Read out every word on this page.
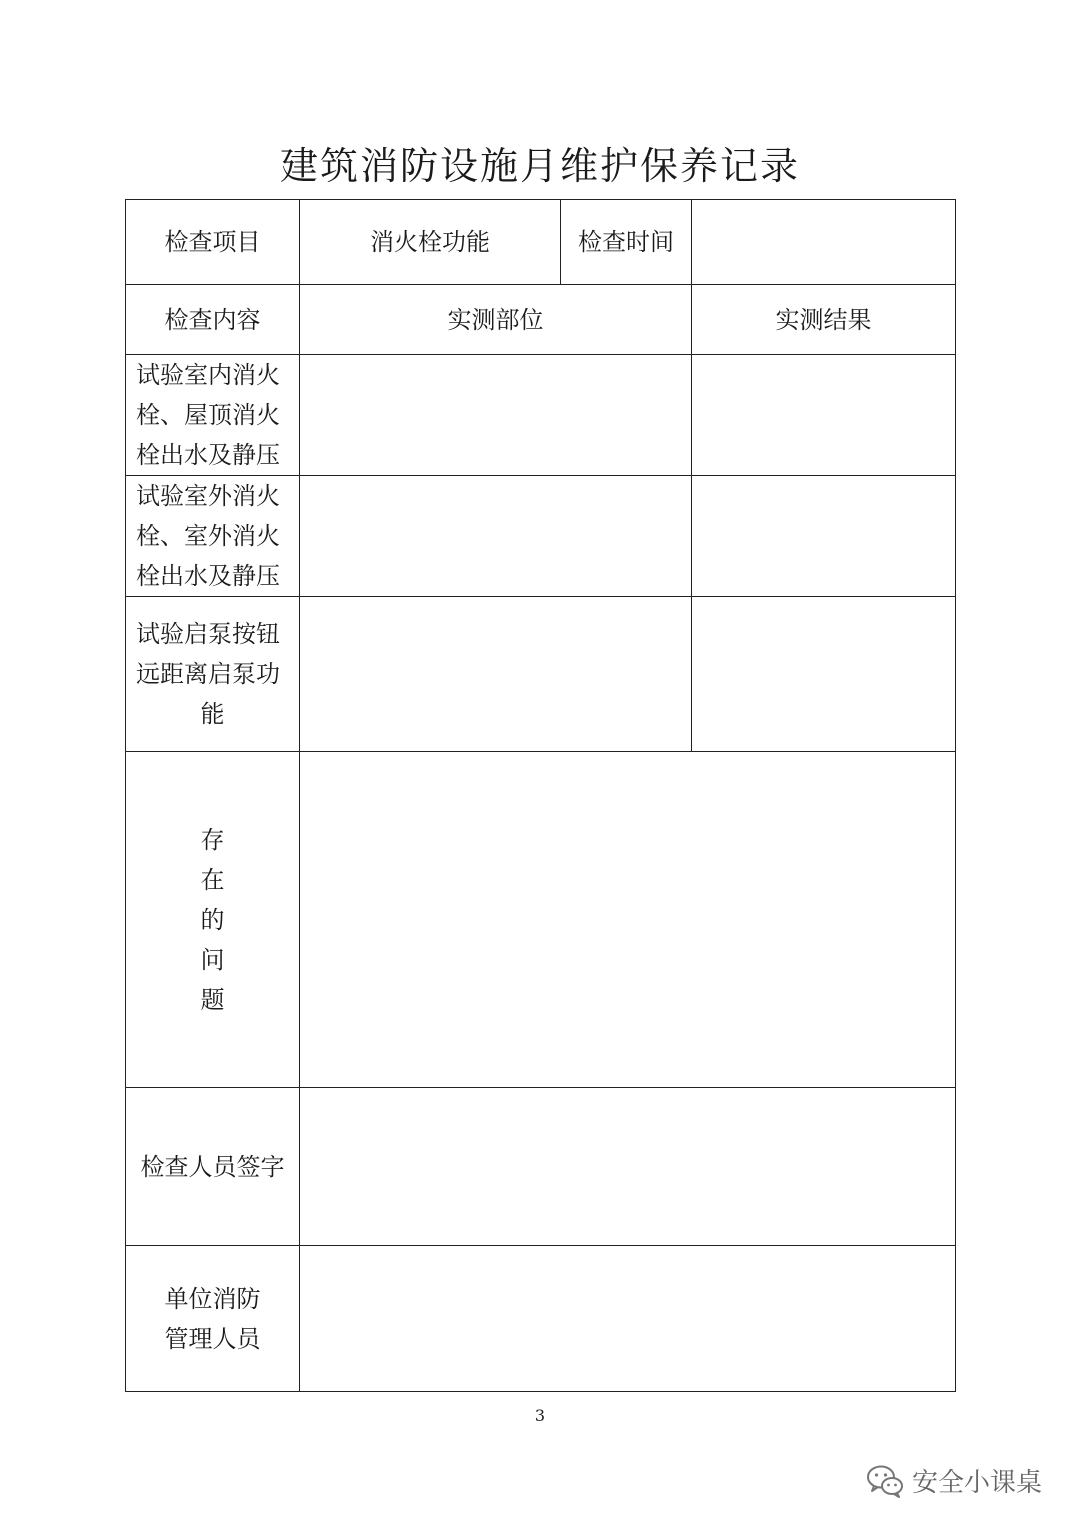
建筑消防设施月维护保养记录
检查项目	消火栓功能	检查时间	
检查内容	实测部位		实测结果

试验室内消火
栓、屋顶消火
栓出水及静压			

试验室外消火
栓、室外消火
栓出水及静压			

试验启泵按钮
远距离启泵功
能			

存
在
的
问
题			

检查人员签字			

单位消防
管理人员			

3
安全小课桌
